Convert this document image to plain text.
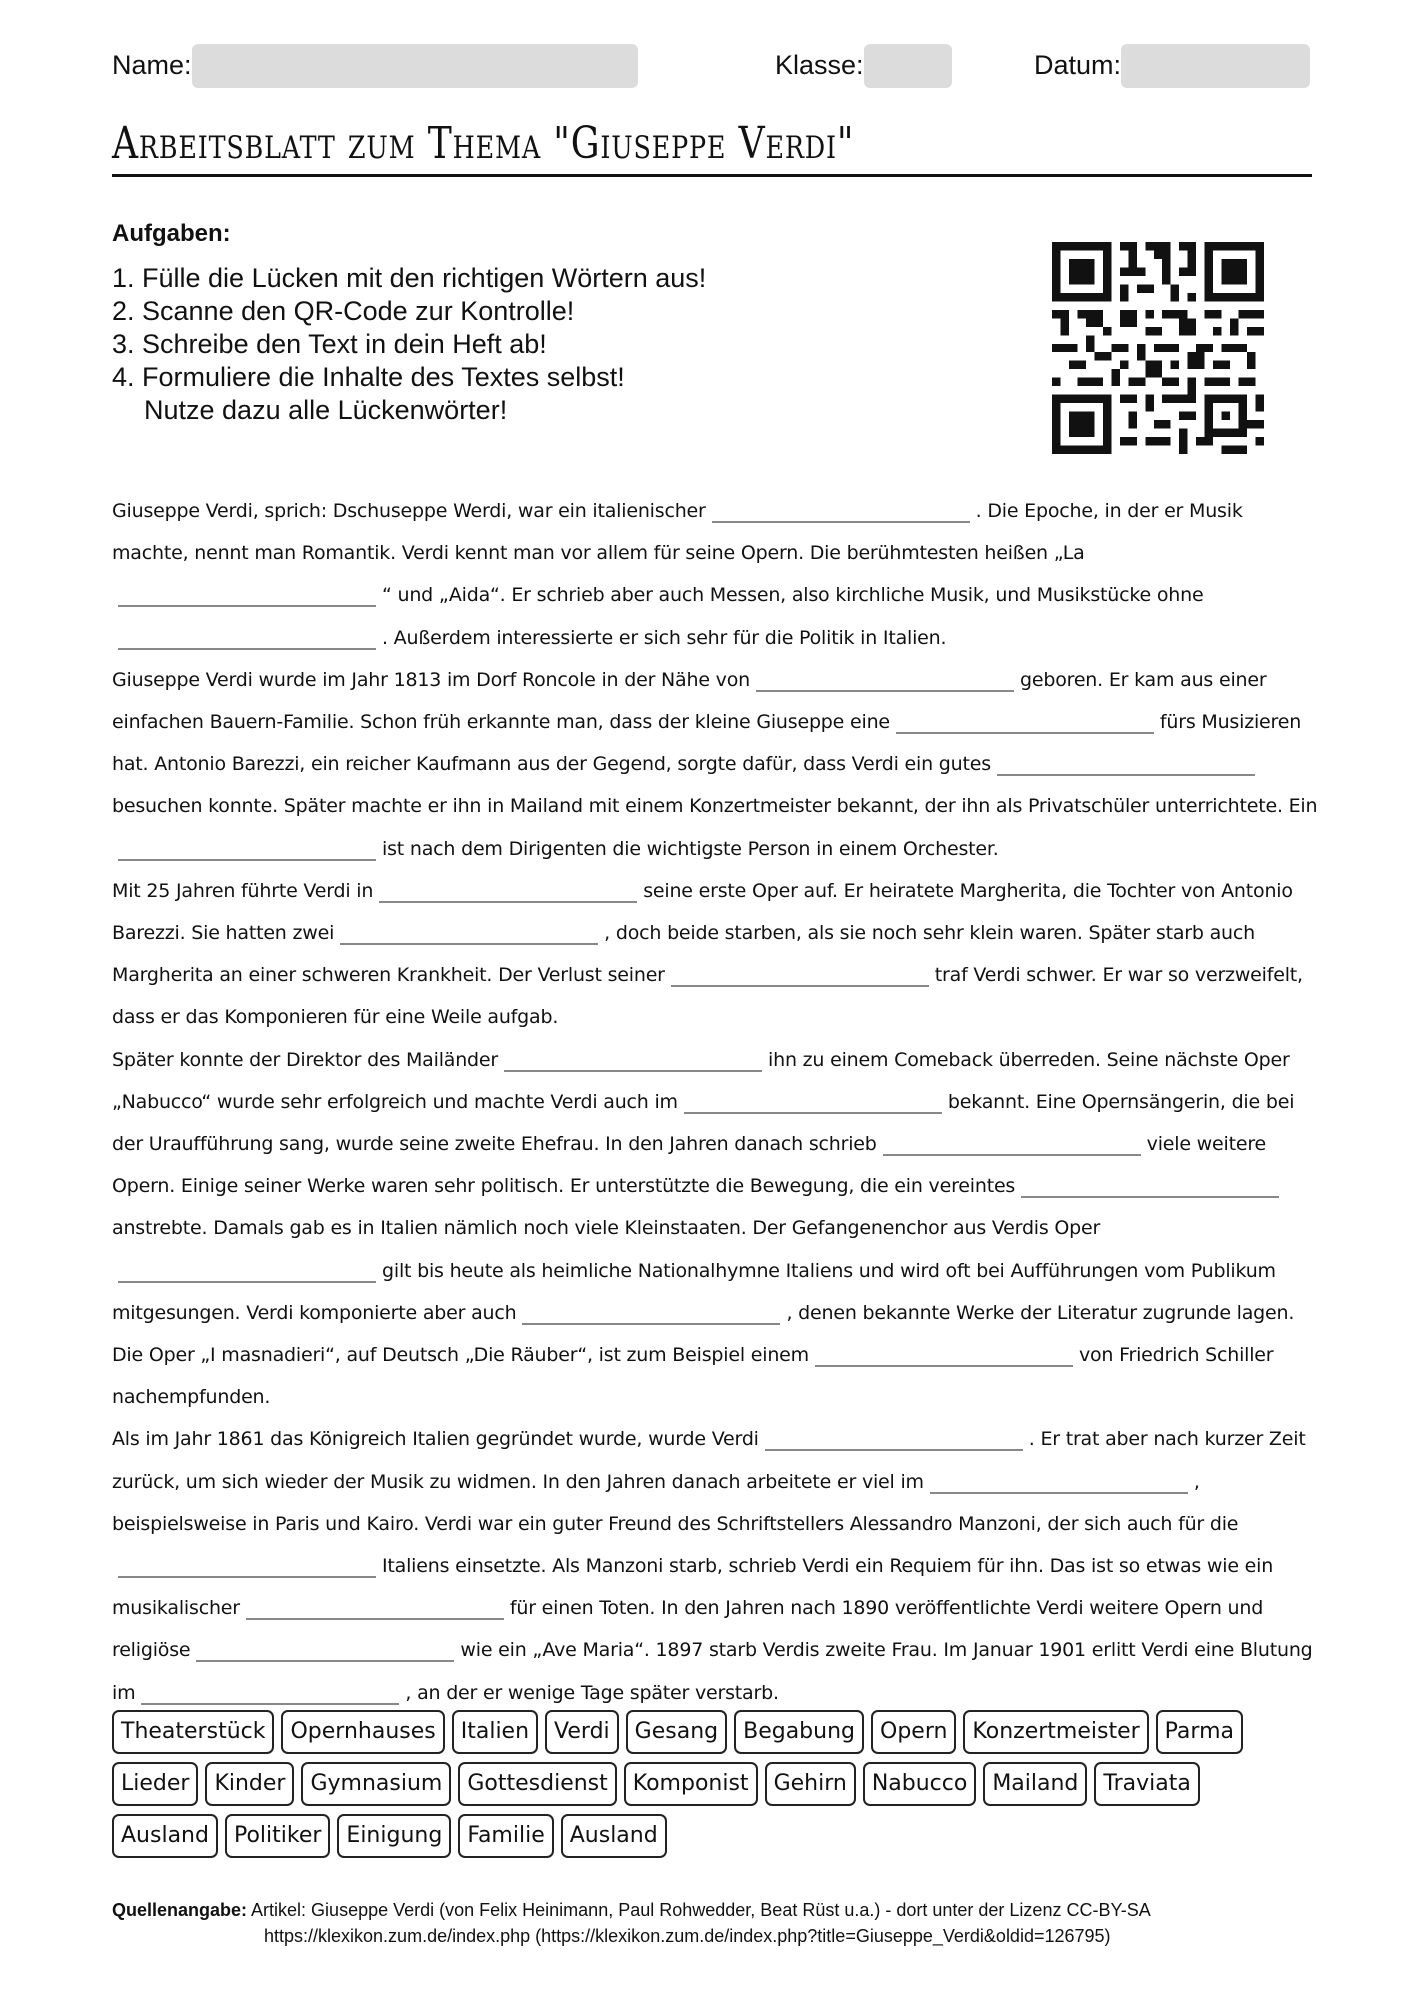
Name:	Klasse:	Datum:
Arbeitsblatt zum Thema "Giuseppe Verdi"
Aufgaben:
1. Fülle die Lücken mit den richtigen Wörtern aus!
2. Scanne den QR-Code zur Kontrolle!
3. Schreibe den Text in dein Heft ab!
4. Formuliere die Inhalte des Textes selbst!
Nutze dazu alle Lückenwörter!

Giuseppe Verdi, sprich: Dschuseppe Werdi, war ein italienischer	. Die Epoche, in der er Musik machte, nennt man Romantik. Verdi kennt man vor allem für seine Opern. Die berühmtesten heißen „La“ und „Aida“. Er schrieb aber auch Messen, also kirchliche Musik, und Musikstücke ohne. Außerdem interessierte er sich sehr für die Politik in Italien.

Giuseppe Verdi wurde im Jahr 1813 im Dorf Roncole in der Nähe von	geboren. Er kam aus einer einfachen Bauern-Familie. Schon früh erkannte man, dass der kleine Giuseppe eine	fürs Musizieren hat. Antonio Barezzi, ein reicher Kaufmann aus der Gegend, sorgte dafür, dass Verdi ein gutesbesuchen konnte. Später machte er ihn in Mailand mit einem Konzertmeister bekannt, der ihn als Privatschüler unterrichtete. Einist nach dem Dirigenten die wichtigste Person in einem Orchester.

Mit 25 Jahren führte Verdi in	seine erste Oper auf. Er heiratete Margherita, die Tochter von Antonio Barezzi. Sie hatten zwei	, doch beide starben, als sie noch sehr klein waren. Später starb auch Margherita an einer schweren Krankheit. Der Verlust seiner	traf Verdi schwer. Er war so verzweifelt, dass er das Komponieren für eine Weile aufgab.

Später konnte der Direktor des Mailänder	ihn zu einem Comeback überreden. Seine nächste Oper „Nabucco“ wurde sehr erfolgreich und machte Verdi auch im	bekannt. Eine Opernsängerin, die bei der Uraufführung sang, wurde seine zweite Ehefrau. In den Jahren danach schrieb	viele weitere Opern. Einige seiner Werke waren sehr politisch. Er unterstützte die Bewegung, die ein vereintesanstrebte. Damals gab es in Italien nämlich noch viele Kleinstaaten. Der Gefangenenchor aus Verdis Opergilt bis heute als heimliche Nationalhymne Italiens und wird oft bei Aufführungen vom Publikum mitgesungen. Verdi komponierte aber auch	, denen bekannte Werke der Literatur zugrunde lagen. Die Oper „I masnadieri“, auf Deutsch „Die Räuber“, ist zum Beispiel einem	von Friedrich Schiller nachempfunden.

Als im Jahr 1861 das Königreich Italien gegründet wurde, wurde Verdi	. Er trat aber nach kurzer Zeit zurück, um sich wieder der Musik zu widmen. In den Jahren danach arbeitete er viel im	, beispielsweise in Paris und Kairo. Verdi war ein guter Freund des Schriftstellers Alessandro Manzoni, der sich auch für dieItaliens einsetzte. Als Manzoni starb, schrieb Verdi ein Requiem für ihn. Das ist so etwas wie ein musikalischer	für einen Toten. In den Jahren nach 1890 veröffentlichte Verdi weitere Opern und religiöse	wie ein „Ave Maria“. 1897 starb Verdis zweite Frau. Im Januar 1901 erlitt Verdi eine Blutung im	, an der er wenige Tage später verstarb.

Theaterstück	Opernhauses	Italien	Verdi	Gesang	Begabung	Opern	Konzertmeister	Parma
Lieder	Kinder	Gymnasium	Gottesdienst	Komponist	Gehirn	Nabucco	Mailand	Traviata
Ausland	Politiker	Einigung	Familie	Ausland
Quellenangabe: Artikel: Giuseppe Verdi (von Felix Heinimann, Paul Rohwedder, Beat Rüst u.a.) - dort unter der Lizenz CC-BY-SA
https://klexikon.zum.de/index.php (https://klexikon.zum.de/index.php?title=Giuseppe_Verdi&oldid=126795)
